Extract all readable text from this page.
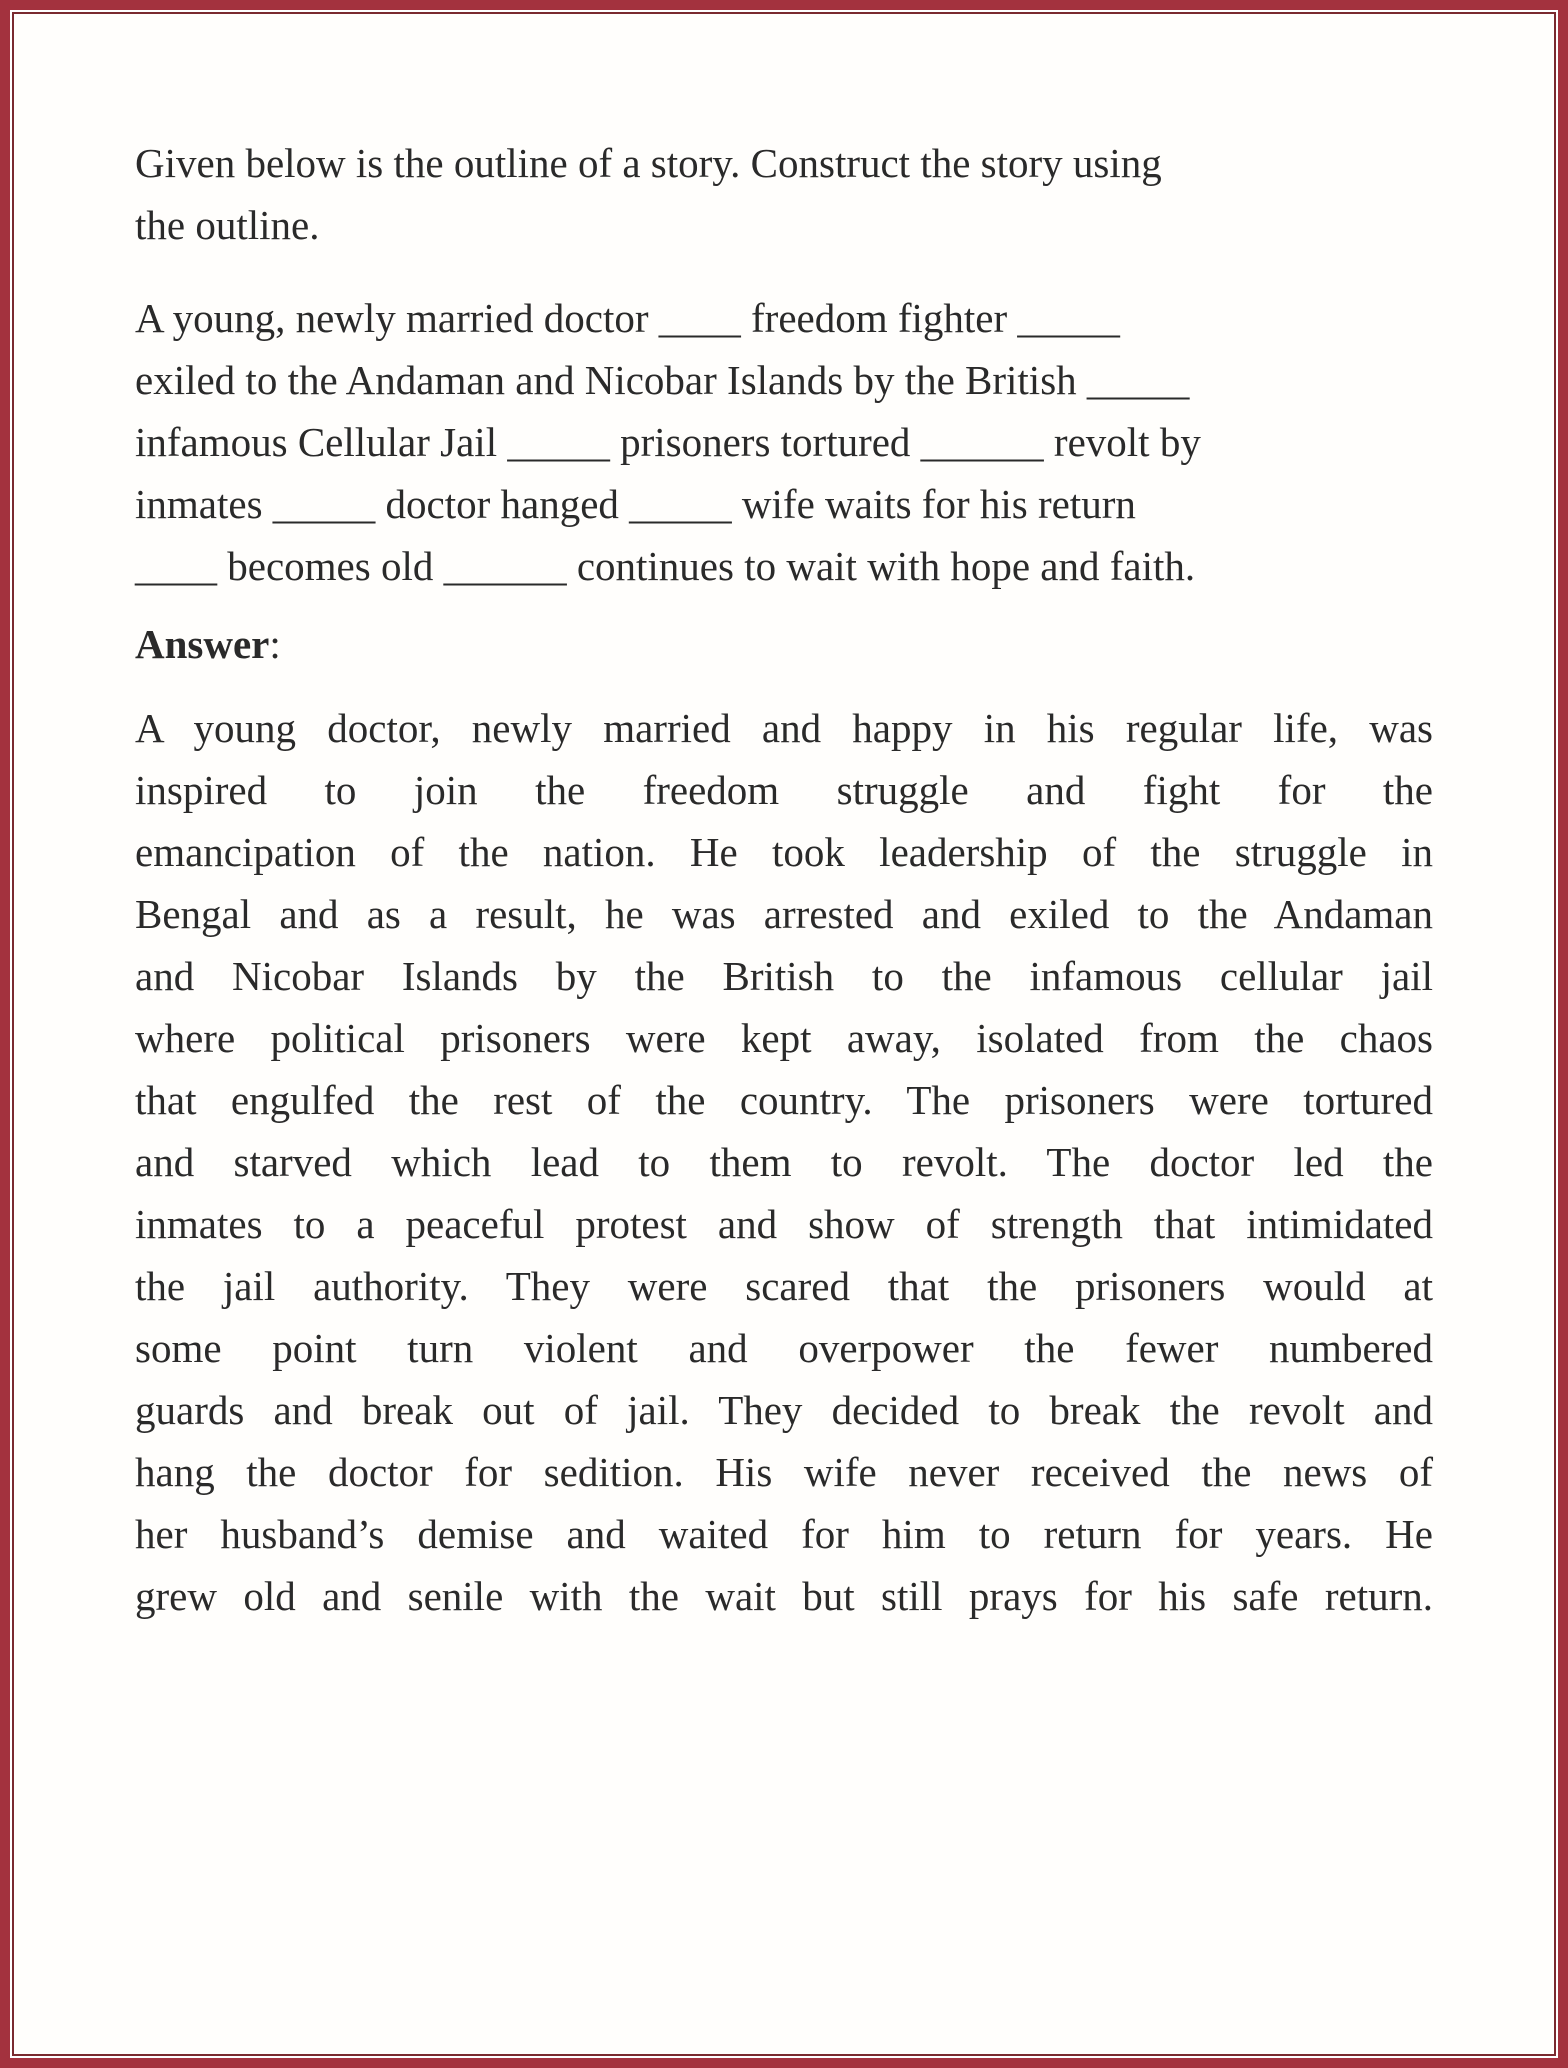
Given below is the outline of a story. Construct the story using
the outline.
A young, newly married doctor ____ freedom fighter _____
exiled to the Andaman and Nicobar Islands by the British _____
infamous Cellular Jail _____ prisoners tortured ______ revolt by
inmates _____ doctor hanged _____ wife waits for his return
____ becomes old ______ continues to wait with hope and faith.
Answer:
A young doctor, newly married and happy in his regular life, was
inspired to join the freedom struggle and fight for the
emancipation of the nation. He took leadership of the struggle in
Bengal and as a result, he was arrested and exiled to the Andaman
and Nicobar Islands by the British to the infamous cellular jail
where political prisoners were kept away, isolated from the chaos
that engulfed the rest of the country. The prisoners were tortured
and starved which lead to them to revolt. The doctor led the
inmates to a peaceful protest and show of strength that intimidated
the jail authority. They were scared that the prisoners would at
some point turn violent and overpower the fewer numbered
guards and break out of jail. They decided to break the revolt and
hang the doctor for sedition. His wife never received the news of
her husband’s demise and waited for him to return for years. He
grew old and senile with the wait but still prays for his safe return.
